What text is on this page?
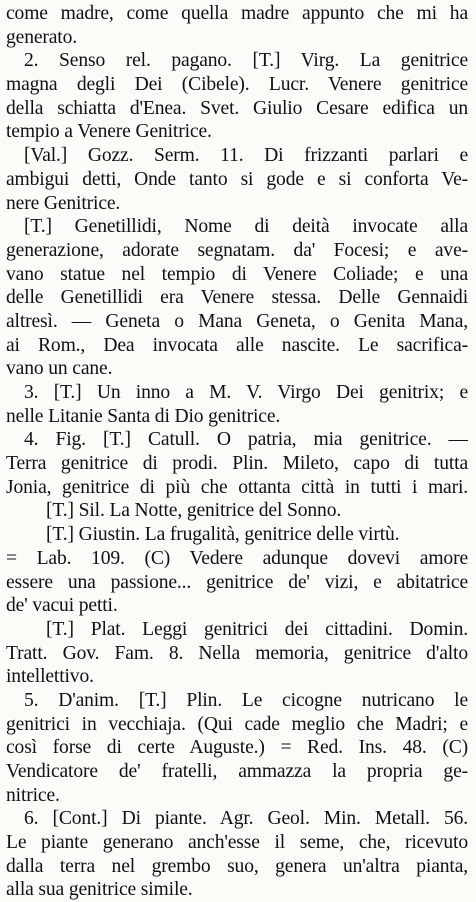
come madre, come quella madre appunto che mi ha
generato.
2. Senso rel. pagano. [T.] Virg. La genitrice
magna degli Dei (Cibele). Lucr. Venere genitrice
della schiatta d'Enea. Svet. Giulio Cesare edifica un
tempio a Venere Genitrice.
[Val.] Gozz. Serm. 11. Di frizzanti parlari e
ambigui detti, Onde tanto si gode e si conforta Ve-
nere Genitrice.
[T.] Genetillidi, Nome di deità invocate alla
generazione, adorate segnatam. da' Focesi; e ave-
vano statue nel tempio di Venere Coliade; e una
delle Genetillidi era Venere stessa. Delle Gennaidi
altresì. — Geneta o Mana Geneta, o Genita Mana,
ai Rom., Dea invocata alle nascite. Le sacrifica-
vano un cane.
3. [T.] Un inno a M. V. Virgo Dei genitrix; e
nelle Litanie Santa di Dio genitrice.
4. Fig. [T.] Catull. O patria, mia genitrice. —
Terra genitrice di prodi. Plin. Mileto, capo di tutta
Jonia, genitrice di più che ottanta città in tutti i mari.
[T.] Sil. La Notte, genitrice del Sonno.
[T.] Giustin. La frugalità, genitrice delle virtù.
= Lab. 109. (C) Vedere adunque dovevi amore
essere una passione... genitrice de' vizi, e abitatrice
de' vacui petti.
[T.] Plat. Leggi genitrici dei cittadini. Domin.
Tratt. Gov. Fam. 8. Nella memoria, genitrice d'alto
intellettivo.
5. D'anim. [T.] Plin. Le cicogne nutricano le
genitrici in vecchiaja. (Qui cade meglio che Madri; e
così forse di certe Auguste.) = Red. Ins. 48. (C)
Vendicatore de' fratelli, ammazza la propria ge-
nitrice.
6. [Cont.] Di piante. Agr. Geol. Min. Metall. 56.
Le piante generano anch'esse il seme, che, ricevuto
dalla terra nel grembo suo, genera un'altra pianta,
alla sua genitrice simile.
